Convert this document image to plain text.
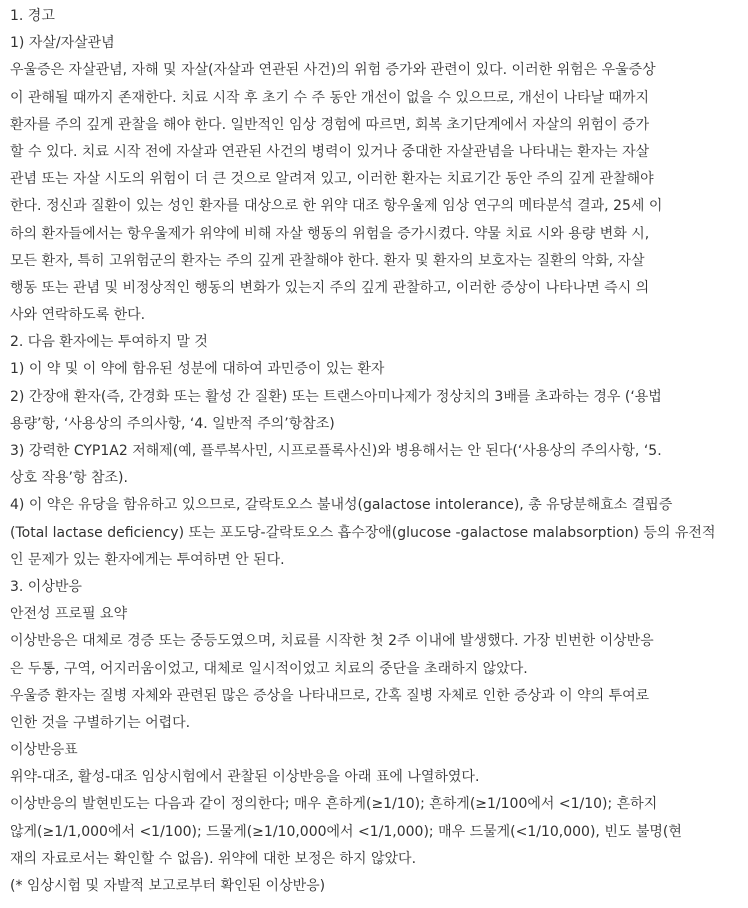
1. 경고
1) 자살/자살관념
우울증은 자살관념, 자해 및 자살(자살과 연관된 사건)의 위험 증가와 관련이 있다. 이러한 위험은 우울증상
이 관해될 때까지 존재한다. 치료 시작 후 초기 수 주 동안 개선이 없을 수 있으므로, 개선이 나타날 때까지
환자를 주의 깊게 관찰을 해야 한다. 일반적인 임상 경험에 따르면, 회복 초기단계에서 자살의 위험이 증가
할 수 있다. 치료 시작 전에 자살과 연관된 사건의 병력이 있거나 중대한 자살관념을 나타내는 환자는 자살
관념 또는 자살 시도의 위험이 더 큰 것으로 알려져 있고, 이러한 환자는 치료기간 동안 주의 깊게 관찰해야
한다. 정신과 질환이 있는 성인 환자를 대상으로 한 위약 대조 항우울제 임상 연구의 메타분석 결과, 25세 이
하의 환자들에서는 항우울제가 위약에 비해 자살 행동의 위험을 증가시켰다. 약물 치료 시와 용량 변화 시,
모든 환자, 특히 고위험군의 환자는 주의 깊게 관찰해야 한다. 환자 및 환자의 보호자는 질환의 악화, 자살
행동 또는 관념 및 비정상적인 행동의 변화가 있는지 주의 깊게 관찰하고, 이러한 증상이 나타나면 즉시 의
사와 연락하도록 한다.
2. 다음 환자에는 투여하지 말 것
1) 이 약 및 이 약에 함유된 성분에 대하여 과민증이 있는 환자
2) 간장애 환자(즉, 간경화 또는 활성 간 질환) 또는 트랜스아미나제가 정상치의 3배를 초과하는 경우 (‘용법
용량’항, ‘사용상의 주의사항, ‘4. 일반적 주의’항참조)
3) 강력한 CYP1A2 저해제(예, 플루복사민, 시프로플록사신)와 병용해서는 안 된다(‘사용상의 주의사항, ‘5.
상호 작용’항 참조).
4) 이 약은 유당을 함유하고 있으므로, 갈락토오스 불내성(galactose intolerance), 총 유당분해효소 결핍증
(Total lactase deficiency) 또는 포도당-갈락토오스 흡수장애(glucose -galactose malabsorption) 등의 유전적
인 문제가 있는 환자에게는 투여하면 안 된다.
3. 이상반응
안전성 프로필 요약
이상반응은 대체로 경증 또는 중등도였으며, 치료를 시작한 첫 2주 이내에 발생했다. 가장 빈번한 이상반응
은 두통, 구역, 어지러움이었고, 대체로 일시적이었고 치료의 중단을 초래하지 않았다.
우울증 환자는 질병 자체와 관련된 많은 증상을 나타내므로, 간혹 질병 자체로 인한 증상과 이 약의 투여로
인한 것을 구별하기는 어렵다.
이상반응표
위약-대조, 활성-대조 임상시험에서 관찰된 이상반응을 아래 표에 나열하였다.
이상반응의 발현빈도는 다음과 같이 정의한다; 매우 흔하게(≥1/10); 흔하게(≥1/100에서 <1/10); 흔하지
않게(≥1/1,000에서 <1/100); 드물게(≥1/10,000에서 <1/1,000); 매우 드물게(<1/10,000), 빈도 불명(현
재의 자료로서는 확인할 수 없음). 위약에 대한 보정은 하지 않았다.
(* 임상시험 및 자발적 보고로부터 확인된 이상반응)
